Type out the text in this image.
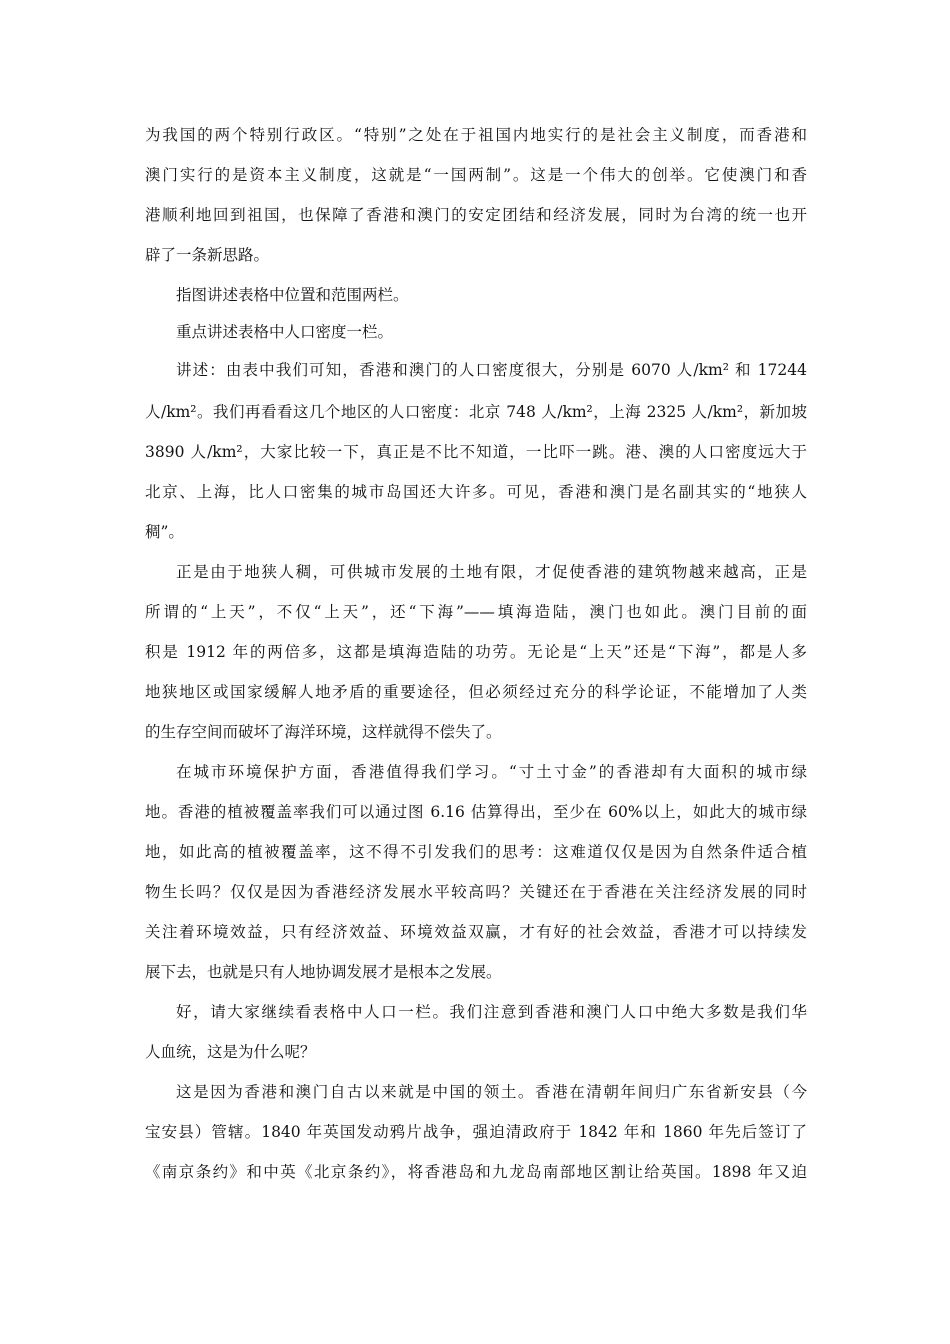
为我国的两个特别行政区。“特别”之处在于祖国内地实行的是社会主义制度，而香港和
澳门实行的是资本主义制度，这就是“一国两制”。这是一个伟大的创举。它使澳门和香
港顺利地回到祖国，也保障了香港和澳门的安定团结和经济发展，同时为台湾的统一也开
辟了一条新思路。
指图讲述表格中位置和范围两栏。
重点讲述表格中人口密度一栏。
讲述：由表中我们可知，香港和澳门的人口密度很大，分别是 6070 人/km² 和 17244
人/km²。我们再看看这几个地区的人口密度：北京 748 人/km²，上海 2325 人/km²，新加坡
3890 人/km²，大家比较一下，真正是不比不知道，一比吓一跳。港、澳的人口密度远大于
北京、上海，比人口密集的城市岛国还大许多。可见，香港和澳门是名副其实的“地狭人
稠”。
正是由于地狭人稠，可供城市发展的土地有限，才促使香港的建筑物越来越高，正是
所谓的“上天”，不仅“上天”，还“下海”——填海造陆，澳门也如此。澳门目前的面
积是 1912 年的两倍多，这都是填海造陆的功劳。无论是“上天”还是“下海”，都是人多
地狭地区或国家缓解人地矛盾的重要途径，但必须经过充分的科学论证，不能增加了人类
的生存空间而破坏了海洋环境，这样就得不偿失了。
在城市环境保护方面，香港值得我们学习。“寸土寸金”的香港却有大面积的城市绿
地。香港的植被覆盖率我们可以通过图 6.16 估算得出，至少在 60%以上，如此大的城市绿
地，如此高的植被覆盖率，这不得不引发我们的思考：这难道仅仅是因为自然条件适合植
物生长吗？仅仅是因为香港经济发展水平较高吗？关键还在于香港在关注经济发展的同时
关注着环境效益，只有经济效益、环境效益双赢，才有好的社会效益，香港才可以持续发
展下去，也就是只有人地协调发展才是根本之发展。
好，请大家继续看表格中人口一栏。我们注意到香港和澳门人口中绝大多数是我们华
人血统，这是为什么呢？
这是因为香港和澳门自古以来就是中国的领土。香港在清朝年间归广东省新安县（今
宝安县）管辖。1840 年英国发动鸦片战争，强迫清政府于 1842 年和 1860 年先后签订了
《南京条约》和中英《北京条约》，将香港岛和九龙岛南部地区割让给英国。1898 年又迫
